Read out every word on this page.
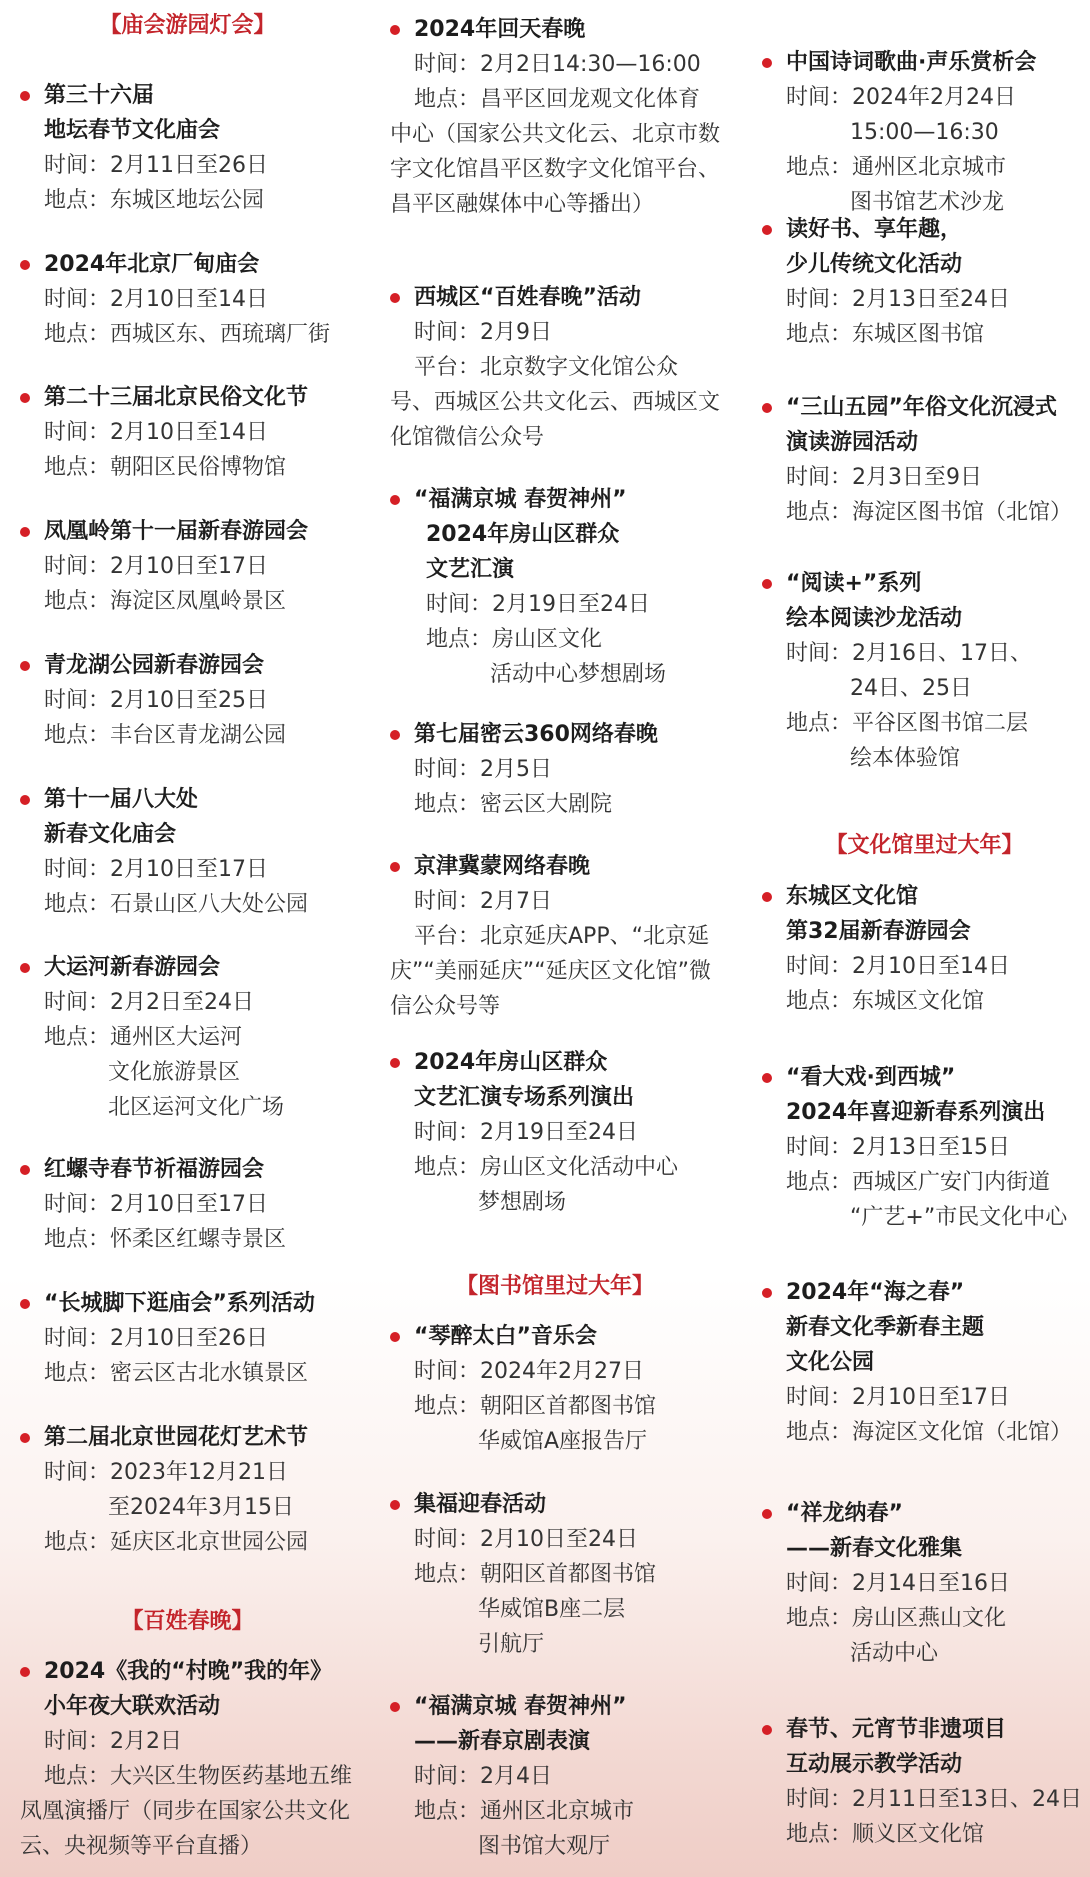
【庙会游园灯会】
第三十六届
地坛春节文化庙会
时间：2月11日至26日
地点：东城区地坛公园
2024年北京厂甸庙会
时间：2月10日至14日
地点：西城区东、西琉璃厂街
第二十三届北京民俗文化节
时间：2月10日至14日
地点：朝阳区民俗博物馆
凤凰岭第十一届新春游园会
时间：2月10日至17日
地点：海淀区凤凰岭景区
青龙湖公园新春游园会
时间：2月10日至25日
地点：丰台区青龙湖公园
第十一届八大处
新春文化庙会
时间：2月10日至17日
地点：石景山区八大处公园
大运河新春游园会
时间：2月2日至24日
地点：通州区大运河
文化旅游景区
北区运河文化广场
红螺寺春节祈福游园会
时间：2月10日至17日
地点：怀柔区红螺寺景区
“长城脚下逛庙会”系列活动
时间：2月10日至26日
地点：密云区古北水镇景区
第二届北京世园花灯艺术节
时间：2023年12月21日
至2024年3月15日
地点：延庆区北京世园公园
【百姓春晚】
2024《我的“村晚”我的年》
小年夜大联欢活动
时间：2月2日
地点：大兴区生物医药基地五维凤凰演播厅（同步在国家公共文化云、央视频等平台直播）
2024年回天春晚
时间：2月2日14:30—16:00
地点：昌平区回龙观文化体育中心（国家公共文化云、北京市数字文化馆昌平区数字文化馆平台、昌平区融媒体中心等播出）
西城区“百姓春晚”活动
时间：2月9日
平台：北京数字文化馆公众号、西城区公共文化云、西城区文化馆微信公众号
“福满京城 春贺神州”
2024年房山区群众
文艺汇演
时间：2月19日至24日
地点：房山区文化
活动中心梦想剧场
第七届密云360网络春晚
时间：2月5日
地点：密云区大剧院
京津冀蒙网络春晚
时间：2月7日
平台：北京延庆APP、“北京延庆”“美丽延庆”“延庆区文化馆”微信公众号等
2024年房山区群众
文艺汇演专场系列演出
时间：2月19日至24日
地点：房山区文化活动中心
梦想剧场
【图书馆里过大年】
“琴醉太白”音乐会
时间：2024年2月27日
地点：朝阳区首都图书馆
华威馆A座报告厅
集福迎春活动
时间：2月10日至24日
地点：朝阳区首都图书馆
华威馆B座二层
引航厅
“福满京城 春贺神州”
——新春京剧表演
时间：2月4日
地点：通州区北京城市
图书馆大观厅
中国诗词歌曲·声乐赏析会
时间：2024年2月24日
15:00—16:30
地点：通州区北京城市
图书馆艺术沙龙
读好书、享年趣，
少儿传统文化活动
时间：2月13日至24日
地点：东城区图书馆
“三山五园”年俗文化沉浸式
演读游园活动
时间：2月3日至9日
地点：海淀区图书馆（北馆）
“阅读+”系列
绘本阅读沙龙活动
时间：2月16日、17日、
24日、25日
地点：平谷区图书馆二层
绘本体验馆
【文化馆里过大年】
东城区文化馆
第32届新春游园会
时间：2月10日至14日
地点：东城区文化馆
“看大戏·到西城”
2024年喜迎新春系列演出
时间：2月13日至15日
地点：西城区广安门内街道
“广艺+”市民文化中心
2024年“海之春”
新春文化季新春主题
文化公园
时间：2月10日至17日
地点：海淀区文化馆（北馆）
“祥龙纳春”
——新春文化雅集
时间：2月14日至16日
地点：房山区燕山文化
活动中心
春节、元宵节非遗项目
互动展示教学活动
时间：2月11日至13日、24日
地点：顺义区文化馆
